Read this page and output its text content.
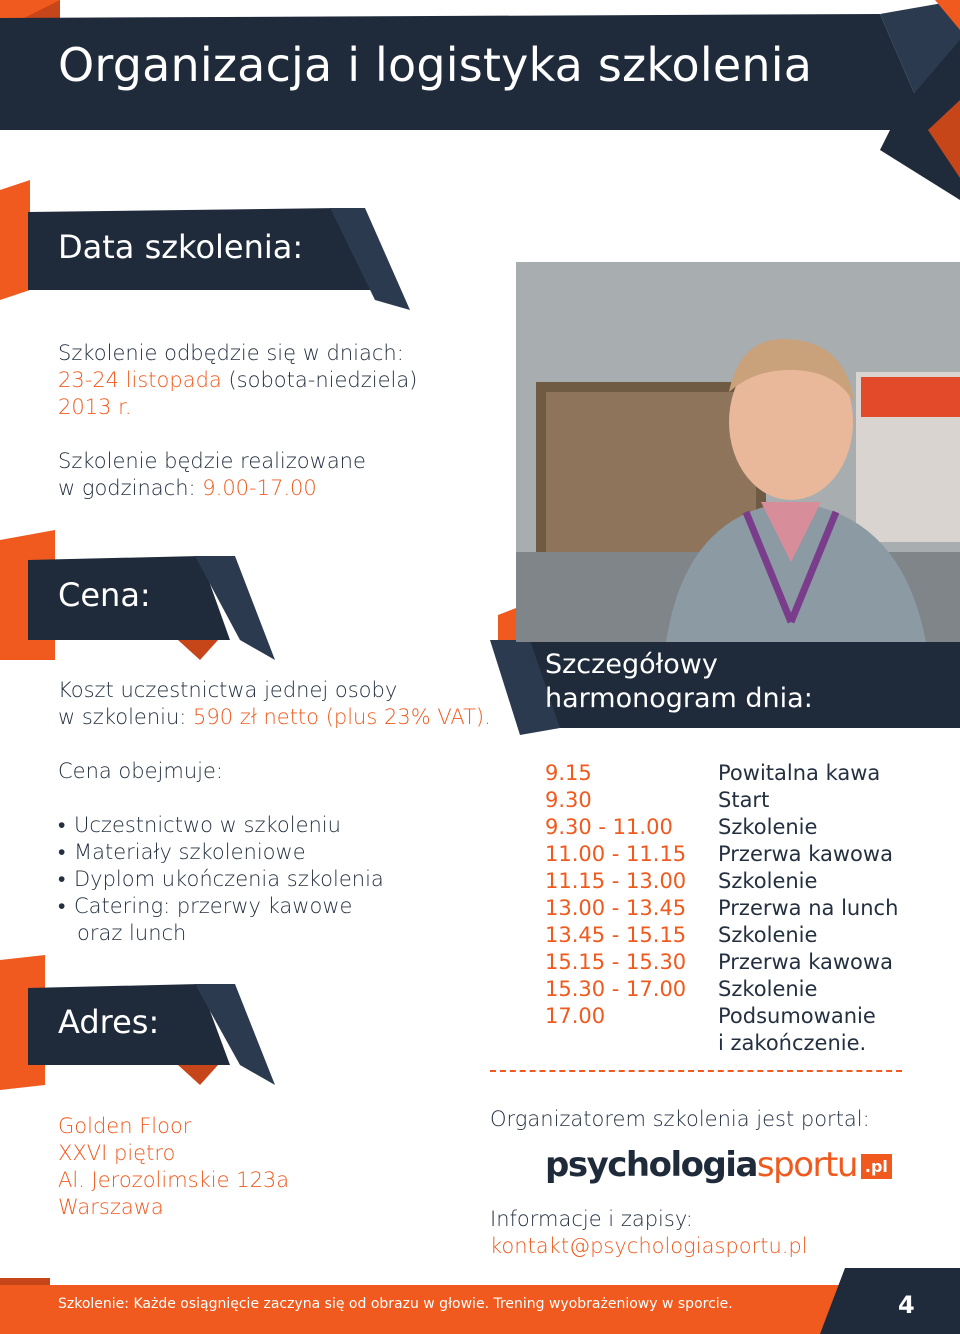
Organizacja i logistyka szkolenia
Data szkolenia:
Szkolenie odbędzie się w dniach:
23-24 listopada (sobota-niedziela)
2013 r.
Szkolenie będzie realizowane
w godzinach: 9.00-17.00
Cena:
Koszt uczestnictwa jednej osoby
w szkoleniu: 590 zł netto (plus 23% VAT).
Cena obejmuje:
• Uczestnictwo w szkoleniu
• Materiały szkoleniowe
• Dyplom ukończenia szkolenia
• Catering: przerwy kawowe
oraz lunch
Adres:
Golden Floor
XXVI piętro
Al. Jerozolimskie 123a
Warszawa
Szczegółowy
harmonogram dnia:
9.15
9.30
9.30 - 11.00
11.00 - 11.15
11.15 - 13.00
13.00 - 13.45
13.45 - 15.15
15.15 - 15.30
15.30 - 17.00
17.00
Powitalna kawa
Start
Szkolenie
Przerwa kawowa
Szkolenie
Przerwa na lunch
Szkolenie
Przerwa kawowa
Szkolenie
Podsumowanie
i zakończenie.
Organizatorem szkolenia jest portal:
psychologiasportu .pl
Informacje i zapisy:
kontakt@psychologiasportu.pl
Szkolenie: Każde osiągnięcie zaczyna się od obrazu w głowie. Trening wyobrażeniowy w sporcie.	4
